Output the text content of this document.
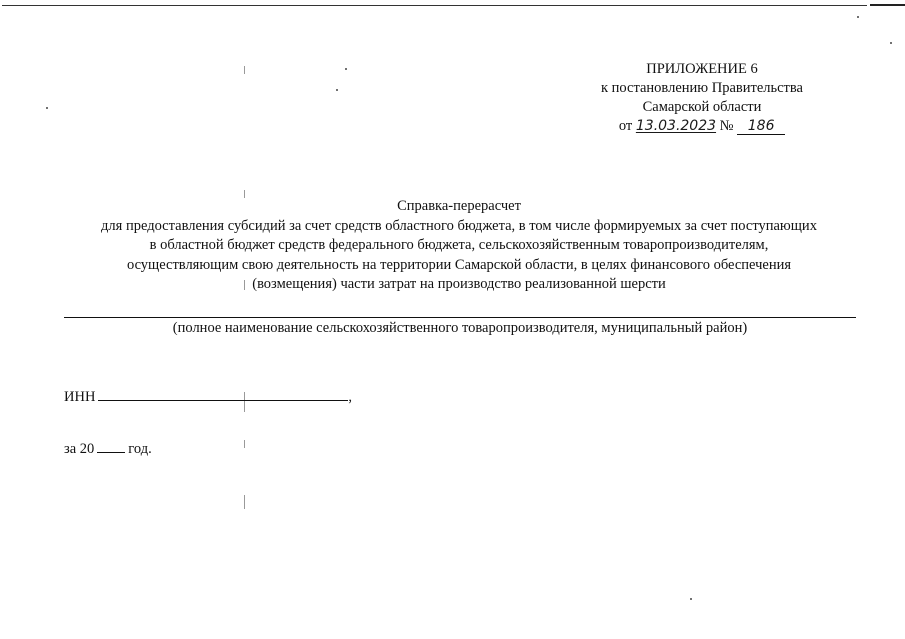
ПРИЛОЖЕНИЕ 6
к постановлению Правительства
Самарской области
от 13.03.2023 № 186
Справка-перерасчет
для предоставления субсидий за счет средств областного бюджета, в том числе формируемых за счет поступающих
в областной бюджет средств федерального бюджета, сельскохозяйственным товаропроизводителям,
осуществляющим свою деятельность на территории Самарской области, в целях финансового обеспечения
(возмещения) части затрат на производство реализованной шерсти
(полное наименование сельскохозяйственного товаропроизводителя, муниципальный район)
ИНН	,
за 20 год.
